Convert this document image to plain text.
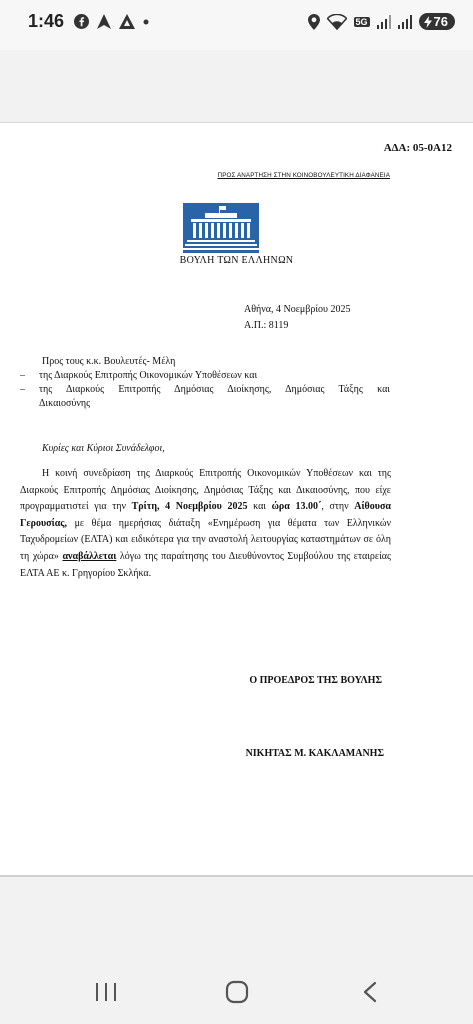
1:46	5G	76
ΑΔΑ: 05-0Α12
ΠΡΟΣ ΑΝΑΡΤΗΣΗ ΣΤΗΝ ΚΟΙΝΟΒΟΥΛΕΥΤΙΚΗ ΔΙΑΦΑΝΕΙΑ
ΒΟΥΛΗ ΤΩΝ ΕΛΛΗΝΩΝ
Αθήνα, 4 Νοεμβρίου 2025
Α.Π.: 8119
Προς τους κ.κ. Βουλευτές- Μέλη
–	της Διαρκούς Επιτροπής Οικονομικών Υποθέσεων και
–	της Διαρκούς Επιτροπής Δημόσιας Διοίκησης, Δημόσιας Τάξης και
Δικαιοσύνης
Κυρίες και Κύριοι Συνάδελφοι,

Η κοινή συνεδρίαση της Διαρκούς Επιτροπής Οικονομικών Υποθέσεων και της Διαρκούς Επιτροπής Δημόσιας Διοίκησης, Δημόσιας Τάξης και Δικαιοσύνης, που είχε προγραμματιστεί για την Τρίτη, 4 Νοεμβρίου 2025 και ώρα 13.00΄, στην Αίθουσα Γερουσίας, με θέμα ημερήσιας διάταξη «Ενημέρωση για θέματα των Ελληνικών Ταχυδρομείων (ΕΛΤΑ) και ειδικότερα για την αναστολή λειτουργίας καταστημάτων σε όλη τη χώρα» αναβάλλεται λόγω της παραίτησης του Διευθύνοντος Συμβούλου της εταιρείας ΕΛΤΑ ΑΕ κ. Γρηγορίου Σκλήκα.

Ο ΠΡΟΕΔΡΟΣ ΤΗΣ ΒΟΥΛΗΣ
ΝΙΚΗΤΑΣ Μ. ΚΑΚΛΑΜΑΝΗΣ
